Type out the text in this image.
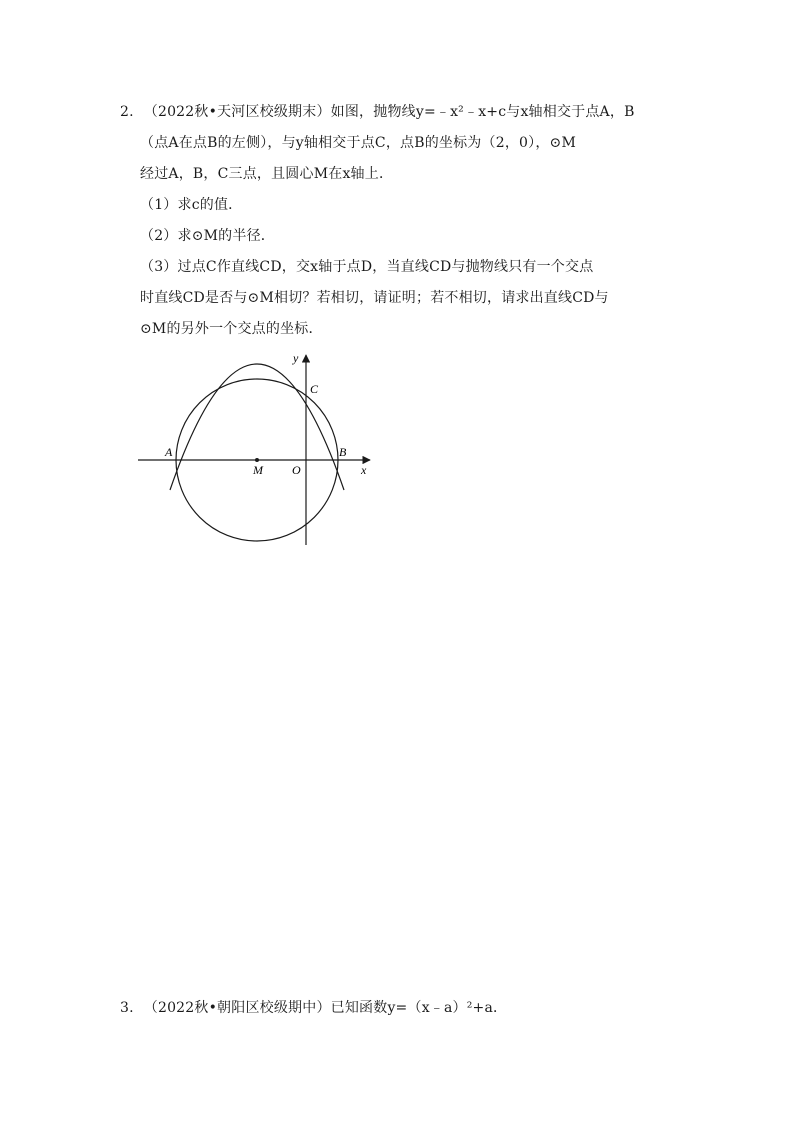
2. （2022秋•天河区校级期末）如图，抛物线y=﹣x²﹣x+c与x轴相交于点A，B
（点A在点B的左侧），与y轴相交于点C，点B的坐标为（2，0），⊙M
经过A，B，C三点，且圆心M在x轴上．
（1）求c的值．
（2）求⊙M的半径．
（3）过点C作直线CD，交x轴于点D，当直线CD与抛物线只有一个交点
时直线CD是否与⊙M相切？若相切，请证明；若不相切，请求出直线CD与
⊙M的另外一个交点的坐标．
A	B
C
M O	x
y
3. （2022秋•朝阳区校级期中）已知函数y=（x﹣a）²+a．
